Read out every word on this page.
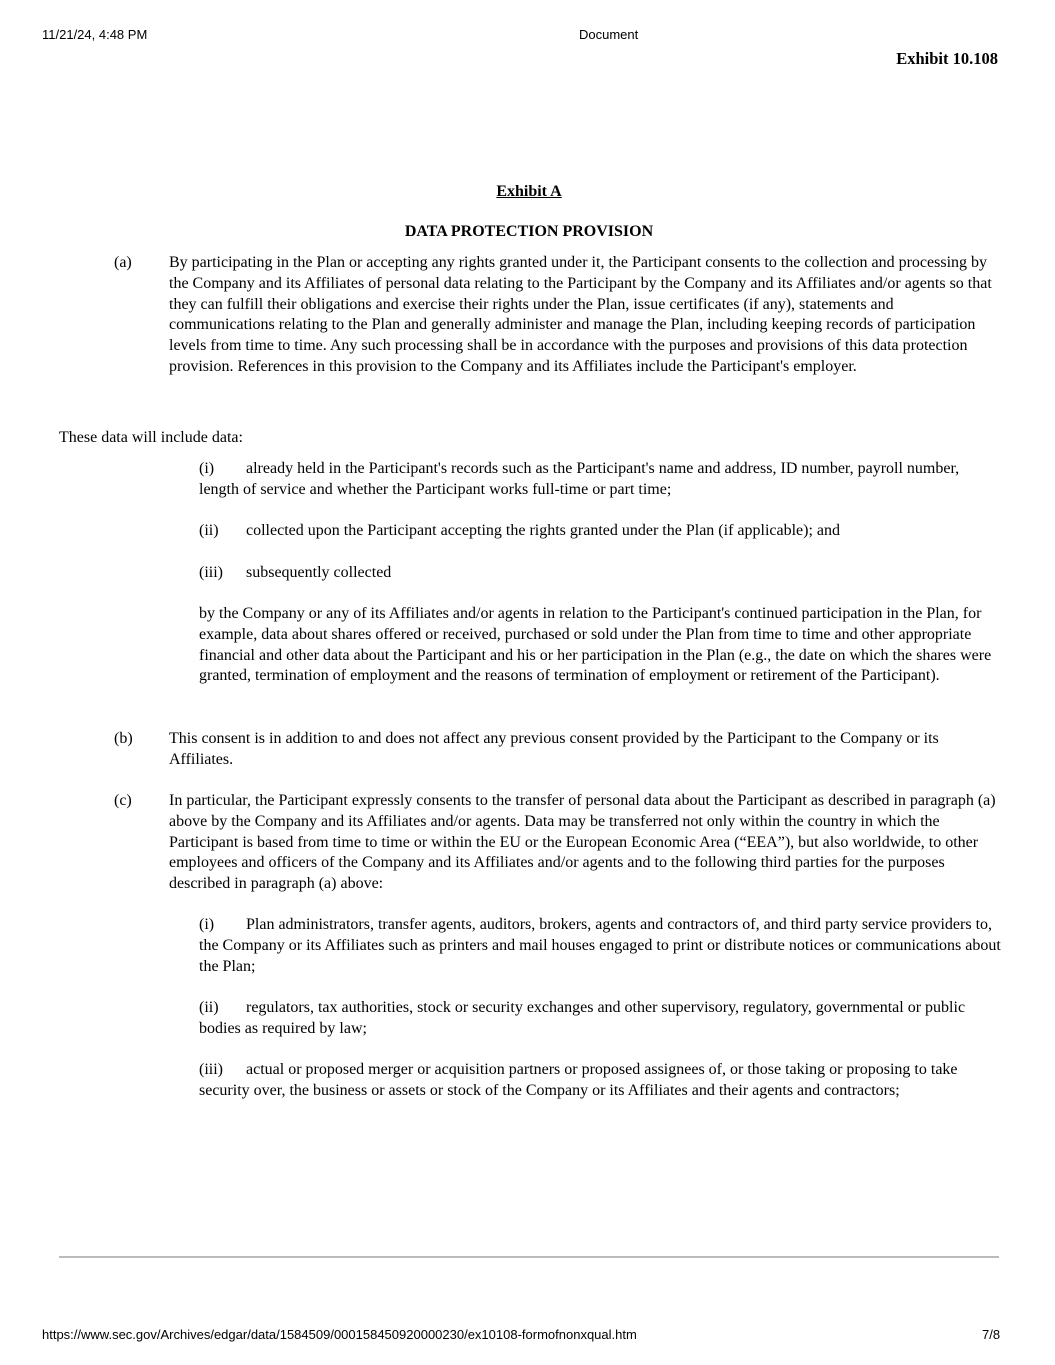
11/21/24, 4:48 PM	Document
Exhibit 10.108
Exhibit A
DATA PROTECTION PROVISION
(a) By participating in the Plan or accepting any rights granted under it, the Participant consents to the collection and processing by the Company and its Affiliates of personal data relating to the Participant by the Company and its Affiliates and/or agents so that they can fulfill their obligations and exercise their rights under the Plan, issue certificates (if any), statements and communications relating to the Plan and generally administer and manage the Plan, including keeping records of participation levels from time to time. Any such processing shall be in accordance with the purposes and provisions of this data protection provision. References in this provision to the Company and its Affiliates include the Participant's employer.
These data will include data:
(i) already held in the Participant's records such as the Participant's name and address, ID number, payroll number, length of service and whether the Participant works full-time or part time;
(ii) collected upon the Participant accepting the rights granted under the Plan (if applicable); and
(iii) subsequently collected
by the Company or any of its Affiliates and/or agents in relation to the Participant's continued participation in the Plan, for example, data about shares offered or received, purchased or sold under the Plan from time to time and other appropriate financial and other data about the Participant and his or her participation in the Plan (e.g., the date on which the shares were granted, termination of employment and the reasons of termination of employment or retirement of the Participant).
(b) This consent is in addition to and does not affect any previous consent provided by the Participant to the Company or its Affiliates.
(c) In particular, the Participant expressly consents to the transfer of personal data about the Participant as described in paragraph (a) above by the Company and its Affiliates and/or agents. Data may be transferred not only within the country in which the Participant is based from time to time or within the EU or the European Economic Area (“EEA”), but also worldwide, to other employees and officers of the Company and its Affiliates and/or agents and to the following third parties for the purposes described in paragraph (a) above:
(i) Plan administrators, transfer agents, auditors, brokers, agents and contractors of, and third party service providers to, the Company or its Affiliates such as printers and mail houses engaged to print or distribute notices or communications about the Plan;
(ii) regulators, tax authorities, stock or security exchanges and other supervisory, regulatory, governmental or public bodies as required by law;
(iii) actual or proposed merger or acquisition partners or proposed assignees of, or those taking or proposing to take security over, the business or assets or stock of the Company or its Affiliates and their agents and contractors;
https://www.sec.gov/Archives/edgar/data/1584509/000158450920000230/ex10108-formofnonxqual.htm	7/8
